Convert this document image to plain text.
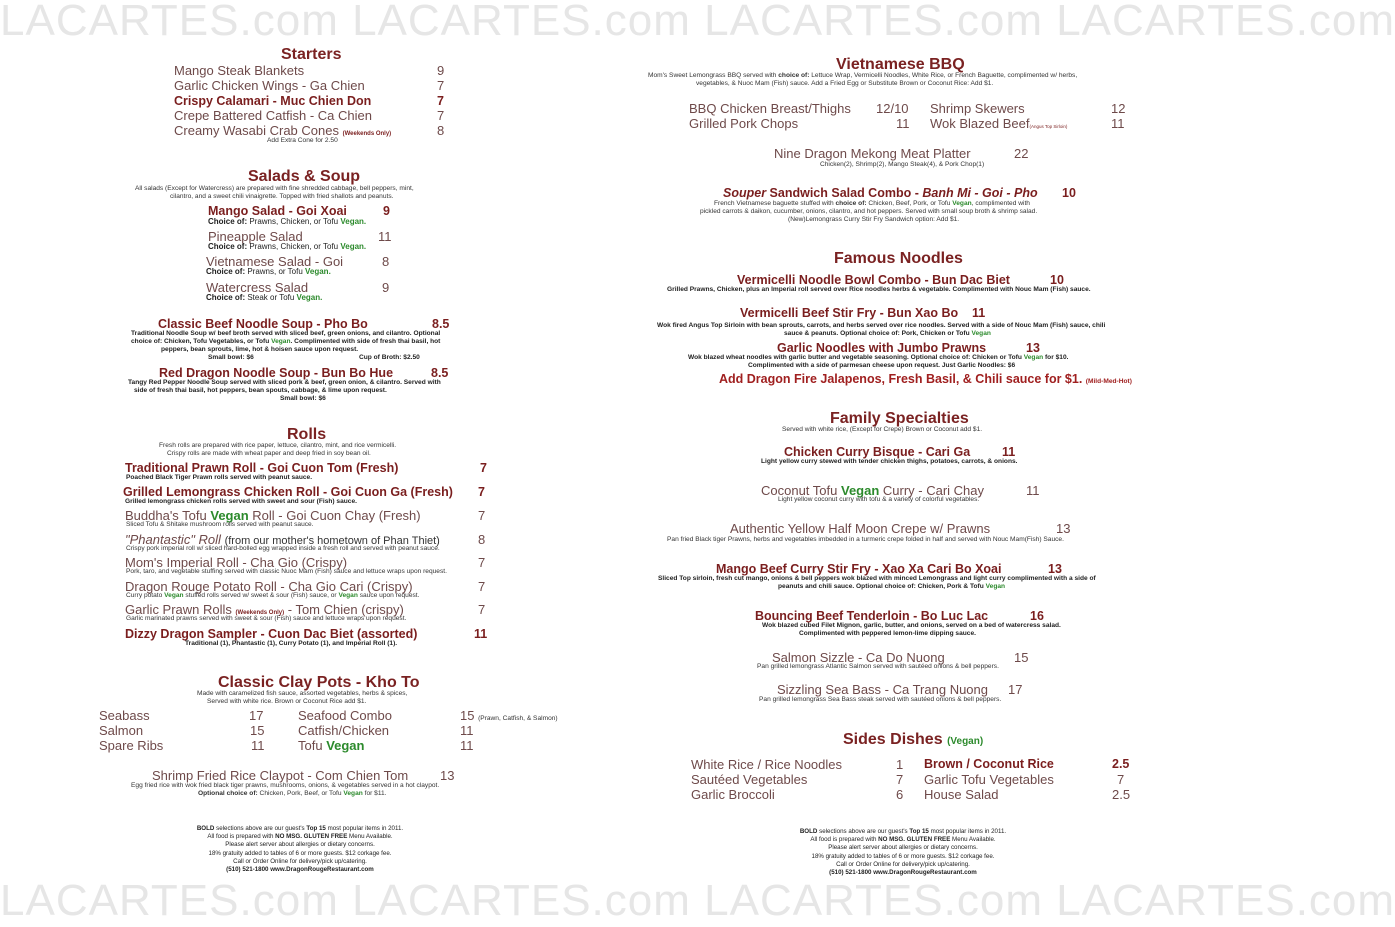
LACARTES.com LACARTES.com LACARTES.com LACARTES.com
LACARTES.com LACARTES.com LACARTES.com LACARTES.com
Starters
Mango Steak Blankets	9
Garlic Chicken Wings - Ga Chien	7
Crispy Calamari - Muc Chien Don	7
Crepe Battered Catfish - Ca Chien	7
Creamy Wasabi Crab Cones (Weekends Only)	8
Add Extra Cone for 2.50
Salads & Soup
All salads (Except for Watercress) are prepared with fine shredded cabbage, bell peppers, mint,
cilantro, and a sweet chili vinaigrette. Topped with fried shallots and peanuts.
Mango Salad - Goi Xoai	9
Choice of: Prawns, Chicken, or Tofu Vegan.
Pineapple Salad	11
Choice of: Prawns, Chicken, or Tofu Vegan.
Vietnamese Salad - Goi	8
Choice of: Prawns, or Tofu Vegan.
Watercress Salad	9
Choice of: Steak or Tofu Vegan.
Classic Beef Noodle Soup - Pho Bo	8.5
Traditional Noodle Soup w/ beef broth served with sliced beef, green onions, and cilantro. Optional
choice of: Chicken, Tofu Vegetables, or Tofu Vegan. Complimented with side of fresh thai basil, hot
peppers, bean sprouts, lime, hot & hoisen sauce upon request.
Small bowl: $6	Cup of Broth: $2.50
Red Dragon Noodle Soup - Bun Bo Hue	8.5
Tangy Red Pepper Noodle Soup served with sliced pork & beef, green onion, & cilantro. Served with
side of fresh thai basil, hot peppers, bean spouts, cabbage, & lime upon request.
Small bowl: $6
Rolls
Fresh rolls are prepared with rice paper, lettuce, cilantro, mint, and rice vermicelli.
Crispy rolls are made with wheat paper and deep fried in soy bean oil.
Traditional Prawn Roll - Goi Cuon Tom (Fresh)	7
Poached Black Tiger Prawn rolls served with peanut sauce.
Grilled Lemongrass Chicken Roll - Goi Cuon Ga (Fresh) 7
Grilled lemongrass chicken rolls served with sweet and sour (Fish) sauce.
Buddha's Tofu Vegan Roll - Goi Cuon Chay (Fresh)	7
Sliced Tofu & Shitake mushroom rolls served with peanut sauce.
"Phantastic" Roll (from our mother's hometown of Phan Thiet)	8
Crispy pork imperial roll w/ sliced hard-bolled egg wrapped inside a fresh roll and served with peanut sauce.
Mom's Imperial Roll - Cha Gio (Crispy)	7
Pork, taro, and vegetable stuffing served with classic Nuoc Mam (Fish) sauce and lettuce wraps upon request.
Dragon Rouge Potato Roll - Cha Gio Cari (Crispy)	7
Curry potato Vegan stuffed rolls served w/ sweet & sour (Fish) sauce, or Vegan sauce upon request.
Garlic Prawn Rolls (Weekends Only) - Tom Chien (crispy)	7
Garlic marinated prawns served with sweet & sour (Fish) sauce and lettuce wraps upon request.
Dizzy Dragon Sampler - Cuon Dac Biet (assorted)	11
Traditional (1), Phantastic (1), Curry Potato (1), and Imperial Roll (1).
Classic Clay Pots - Kho To
Made with caramelized fish sauce, assorted vegetables, herbs & spices,
Served with white rice. Brown or Coconut Rice add $1.
Seabass	17
Salmon	15
Spare Ribs	11
Seafood Combo	15 (Prawn, Catfish, & Salmon)
Catfish/Chicken	11
Tofu Vegan	11
Shrimp Fried Rice Claypot - Com Chien Tom 13
Egg fried rice with wok fried black tiger prawns, mushrooms, onions, & vegetables served in a hot claypot.
Optional choice of: Chicken, Pork, Beef, or Tofu Vegan for $11.
BOLD selections above are our guest's Top 15 most popular items in 2011.
All food is prepared with NO MSG. GLUTEN FREE Menu Available.
Please alert server about allergies or dietary concerns.
18% gratuity added to tables of 6 or more guests. $12 corkage fee.
Call or Order Online for delivery/pick up/catering.
(510) 521-1800 www.DragonRougeRestaurant.com
Vietnamese BBQ
Mom's Sweet Lemongrass BBQ served with choice of: Lettuce Wrap, Vermicelli Noodles, White Rice, or French Baguette, complimented w/ herbs,
vegetables, & Nuoc Mam (Fish) sauce. Add a Fried Egg or Substitute Brown or Coconut Rice: Add $1.
BBQ Chicken Breast/Thighs 12/10
Grilled Pork Chops	11
Shrimp Skewers	12
Wok Blazed Beef(Angus Top Sirloin)	11
Nine Dragon Mekong Meat Platter	22
Chicken(2), Shrimp(2), Mango Steak(4), & Pork Chop(1)
Souper Sandwich Salad Combo - Banh Mi - Goi - Pho 10
French Vietnamese baguette stuffed with choice of: Chicken, Beef, Pork, or Tofu Vegan, complimented with
pickled carrots & daikon, cucumber, onions, cilantro, and hot peppers. Served with small soup broth & shrimp salad.
(New)Lemongrass Curry Stir Fry Sandwich option: Add $1.
Famous Noodles
Vermicelli Noodle Bowl Combo - Bun Dac Biet	10
Grilled Prawns, Chicken, plus an Imperial roll served over Rice noodles herbs & vegetable. Complimented with Nouc Mam (Fish) sauce.
Vermicelli Beef Stir Fry - Bun Xao Bo 11
Wok fired Angus Top Sirloin with bean sprouts, carrots, and herbs served over rice noodles. Served with a side of Nouc Mam (Fish) sauce, chili
sauce & peanuts. Optional choice of: Pork, Chicken or Tofu Vegan
Garlic Noodles with Jumbo Prawns	13
Wok blazed wheat noodles with garlic butter and vegetable seasoning. Optional choice of: Chicken or Tofu Vegan for $10.
Complimented with a side of parmesan cheese upon request. Just Garlic Noodles: $6
Add Dragon Fire Jalapenos, Fresh Basil, & Chili sauce for $1. (Mild-Med-Hot)
Family Specialties
Served with white rice, (Except for Crepe) Brown or Coconut add $1.
Chicken Curry Bisque - Cari Ga	11
Light yellow curry stewed with tender chicken thighs, potatoes, carrots, & onions.
Coconut Tofu Vegan Curry - Cari Chay	11
Light yellow coconut curry with tofu & a variety of colorful vegetables.
Authentic Yellow Half Moon Crepe w/ Prawns	13
Pan fried Black tiger Prawns, herbs and vegetables imbedded in a turmeric crepe folded in half and served with Nouc Mam(Fish) Sauce.
Mango Beef Curry Stir Fry - Xao Xa Cari Bo Xoai	13
Sliced Top sirloin, fresh cut mango, onions & bell peppers wok blazed with minced Lemongrass and light curry complimented with a side of
peanuts and chili sauce. Optional choice of: Chicken, Pork & Tofu Vegan
Bouncing Beef Tenderloin - Bo Luc Lac	16
Wok blazed cubed Filet Mignon, garlic, butter, and onions, served on a bed of watercress salad.
Complimented with peppered lemon-lime dipping sauce.
Salmon Sizzle - Ca Do Nuong	15
Pan grilled lemongrass Atlantic Salmon served with sautéed onions & bell peppers.
Sizzling Sea Bass - Ca Trang Nuong 17
Pan grilled lemongrass Sea Bass steak served with sautéed onions & bell peppers.
Sides Dishes (Vegan)
White Rice / Rice Noodles	1
Sautéed Vegetables	7
Garlic Broccoli	6
Brown / Coconut Rice	2.5
Garlic Tofu Vegetables	7
House Salad	2.5
BOLD selections above are our guest's Top 15 most popular items in 2011.
All food is prepared with NO MSG. GLUTEN FREE Menu Available.
Please alert server about allergies or dietary concerns.
18% gratuity added to tables of 6 or more guests. $12 corkage fee.
Call or Order Online for delivery/pick up/catering.
(510) 521-1800 www.DragonRougeRestaurant.com
